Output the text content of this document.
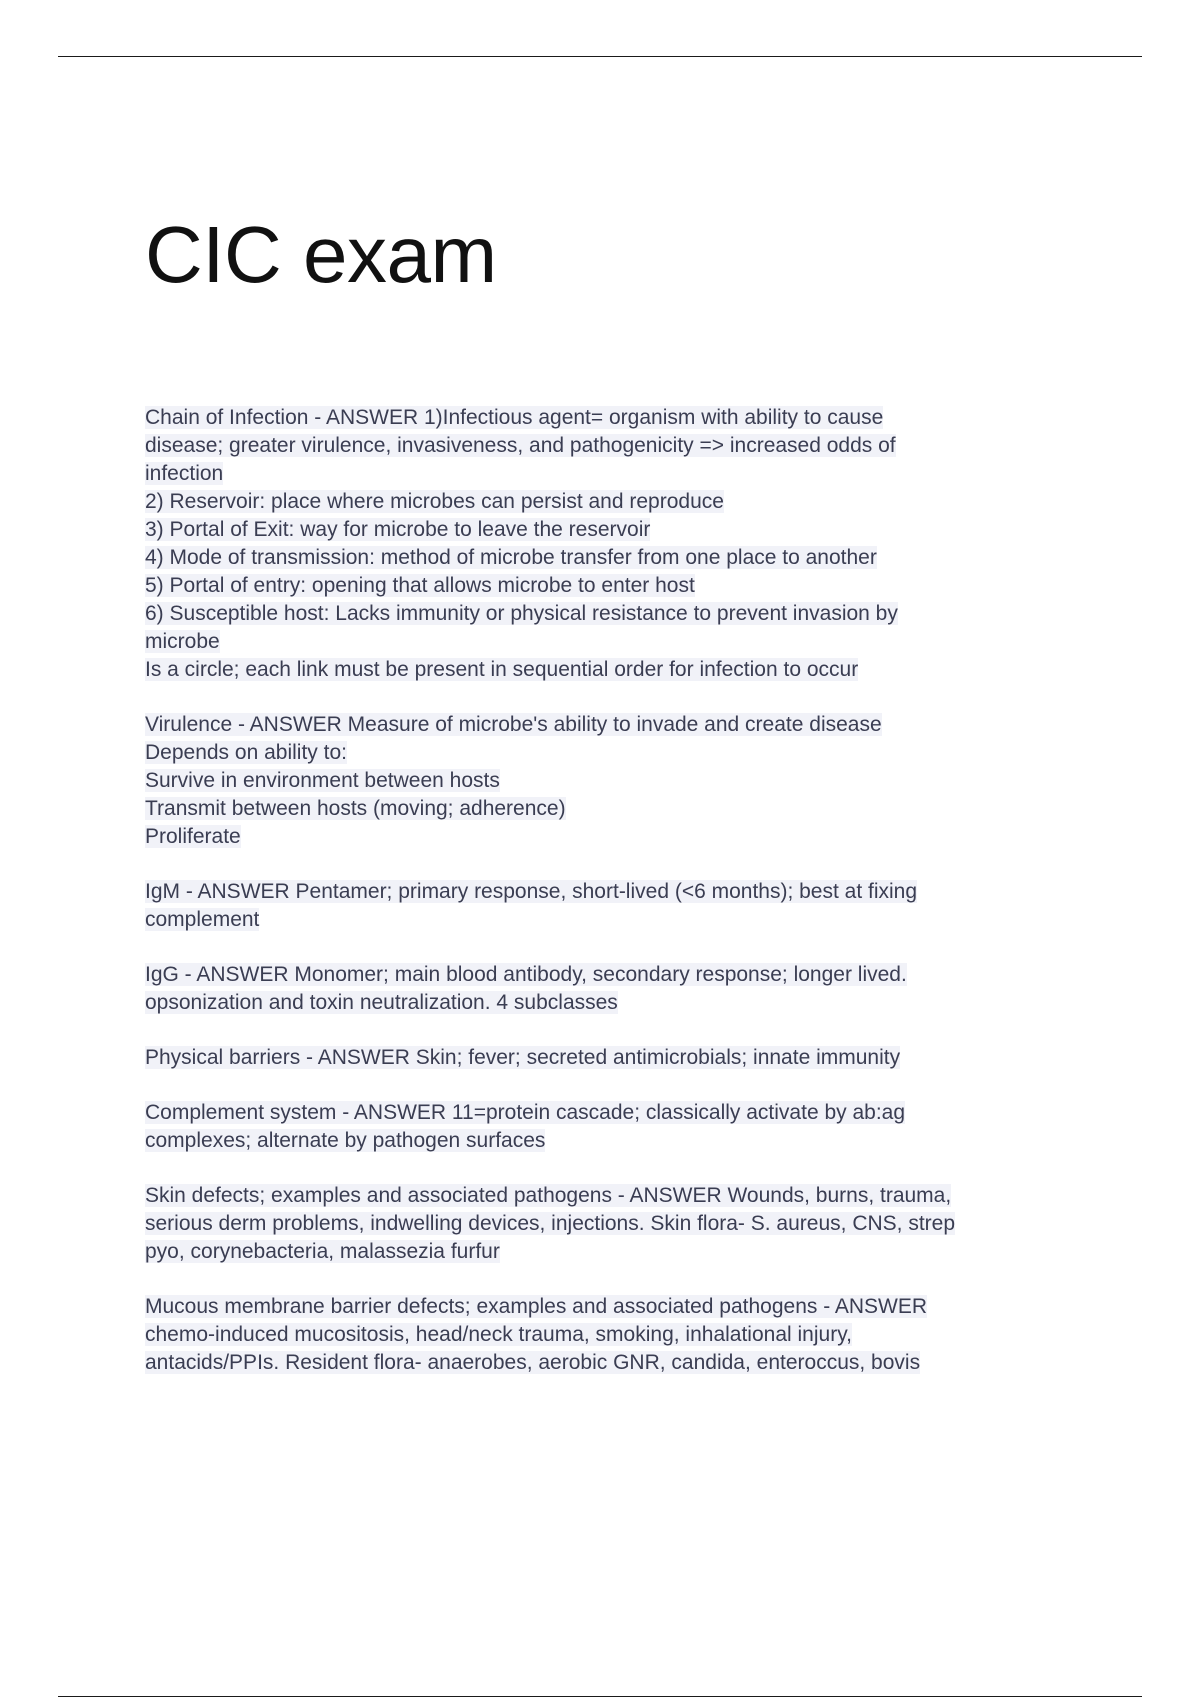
CIC exam
Chain of Infection - ANSWER 1)Infectious agent= organism with ability to cause
disease; greater virulence, invasiveness, and pathogenicity => increased odds of
infection
2) Reservoir: place where microbes can persist and reproduce
3) Portal of Exit: way for microbe to leave the reservoir
4) Mode of transmission: method of microbe transfer from one place to another
5) Portal of entry: opening that allows microbe to enter host
6) Susceptible host: Lacks immunity or physical resistance to prevent invasion by
microbe
Is a circle; each link must be present in sequential order for infection to occur
Virulence - ANSWER Measure of microbe's ability to invade and create disease
Depends on ability to:
Survive in environment between hosts
Transmit between hosts (moving; adherence)
Proliferate
IgM - ANSWER Pentamer; primary response, short-lived (<6 months); best at fixing
complement
IgG - ANSWER Monomer; main blood antibody, secondary response; longer lived.
opsonization and toxin neutralization. 4 subclasses
Physical barriers - ANSWER Skin; fever; secreted antimicrobials; innate immunity
Complement system - ANSWER 11=protein cascade; classically activate by ab:ag
complexes; alternate by pathogen surfaces
Skin defects; examples and associated pathogens - ANSWER Wounds, burns, trauma,
serious derm problems, indwelling devices, injections. Skin flora- S. aureus, CNS, strep
pyo, corynebacteria, malassezia furfur
Mucous membrane barrier defects; examples and associated pathogens - ANSWER
chemo-induced mucositosis, head/neck trauma, smoking, inhalational injury,
antacids/PPIs. Resident flora- anaerobes, aerobic GNR, candida, enteroccus, bovis
